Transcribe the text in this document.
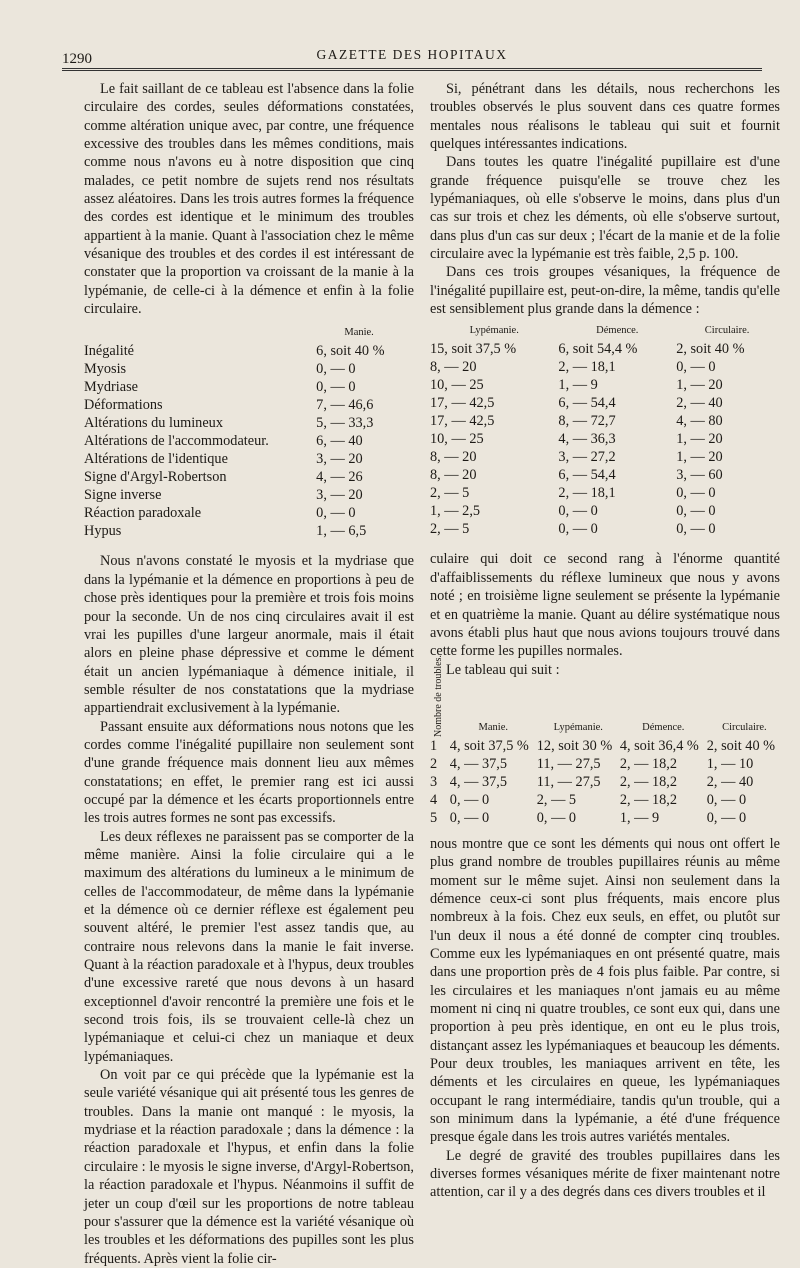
1290	GAZETTE DES HOPITAUX

Le fait saillant de ce tableau est l'absence dans la folie circulaire des cordes, seules déformations constatées, comme altération unique avec, par contre, une fréquence excessive des troubles dans les mêmes conditions, mais comme nous n'avons eu à notre disposition que cinq malades, ce petit nombre de sujets rend nos résultats assez aléatoires. Dans les trois autres formes la fréquence des cordes est identique et le minimum des troubles appartient à la manie. Quant à l'association chez le même vésanique des troubles et des cordes il est intéressant de constater que la proportion va croissant de la manie à la lypémanie, de celle-ci à la démence et enfin à la folie circulaire.

	Manie.
Inégalité	6, soit 40 %
Myosis	0, — 0
Mydriase	0, — 0
Déformations	7, — 46,6
Altérations du lumineux	5, — 33,3
Altérations de l'accommodateur.	6, — 40
Altérations de l'identique	3, — 20
Signe d'Argyl-Robertson	4, — 26
Signe inverse	3, — 20
Réaction paradoxale	0, — 0
Hypus	1, — 6,5

Nous n'avons constaté le myosis et la mydriase que dans la lypémanie et la démence en proportions à peu de chose près identiques pour la première et trois fois moins pour la seconde. Un de nos cinq circulaires avait il est vrai les pupilles d'une largeur anormale, mais il était alors en pleine phase dépressive et comme le dément était un ancien lypémaniaque à démence initiale, il semble résulter de nos constatations que la mydriase appartiendrait exclusivement à la lypémanie.

Passant ensuite aux déformations nous notons que les cordes comme l'inégalité pupillaire non seulement sont d'une grande fréquence mais donnent lieu aux mêmes constatations; en effet, le premier rang est ici aussi occupé par la démence et les écarts proportionnels entre les trois autres formes ne sont pas excessifs.

Les deux réflexes ne paraissent pas se comporter de la même manière. Ainsi la folie circulaire qui a le maximum des altérations du lumineux a le minimum de celles de l'accommodateur, de même dans la lypémanie et la démence où ce dernier réflexe est également peu souvent altéré, le premier l'est assez tandis que, au contraire nous relevons dans la manie le fait inverse. Quant à la réaction paradoxale et à l'hypus, deux troubles d'une excessive rareté que nous devons à un hasard exceptionnel d'avoir rencontré la première une fois et le second trois fois, ils se trouvaient celle-là chez un lypémaniaque et celui-ci chez un maniaque et deux lypémaniaques.

On voit par ce qui précède que la lypémanie est la seule variété vésanique qui ait présenté tous les genres de troubles. Dans la manie ont manqué : le myosis, la mydriase et la réaction paradoxale ; dans la démence : la réaction paradoxale et l'hypus, et enfin dans la folie circulaire : le myosis le signe inverse, d'Argyl-Robertson, la réaction paradoxale et l'hypus. Néanmoins il suffit de jeter un coup d'œil sur les proportions de notre tableau pour s'assurer que la démence est la variété vésanique où les troubles et les déformations des pupilles sont les plus fréquents. Après vient la folie cir-

Si, pénétrant dans les détails, nous recherchons les troubles observés le plus souvent dans ces quatre formes mentales nous réalisons le tableau qui suit et fournit quelques intéressantes indications.

Dans toutes les quatre l'inégalité pupillaire est d'une grande fréquence puisqu'elle se trouve chez les lypémaniaques, où elle s'observe le moins, dans plus d'un cas sur trois et chez les déments, où elle s'observe surtout, dans plus d'un cas sur deux ; l'écart de la manie et de la folie circulaire avec la lypémanie est très faible, 2,5 p. 100.

Dans ces trois groupes vésaniques, la fréquence de l'inégalité pupillaire est, peut-on-dire, la même, tandis qu'elle est sensiblement plus grande dans la démence :

Lypémanie.	Démence.	Circulaire.
15, soit 37,5 %	6, soit 54,4 %	2, soit 40 %
8, — 20	2, — 18,1	0, — 0
10, — 25	1, — 9	1, — 20
17, — 42,5	6, — 54,4	2, — 40
17, — 42,5	8, — 72,7	4, — 80
10, — 25	4, — 36,3	1, — 20
8, — 20	3, — 27,2	1, — 20
8, — 20	6, — 54,4	3, — 60
2, — 5	2, — 18,1	0, — 0
1, — 2,5	0, — 0	0, — 0
2, — 5	0, — 0	0, — 0

culaire qui doit ce second rang à l'énorme quantité d'affaiblissements du réflexe lumineux que nous y avons noté ; en troisième ligne seulement se présente la lypémanie et en quatrième la manie. Quant au délire systématique nous avons établi plus haut que nous avions toujours trouvé dans cette forme les pupilles normales.

Le tableau qui suit :

Nombre de troubles.	Manie.	Lypémanie.	Démence.	Circulaire.
1	4, soit 37,5 %	12, soit 30 %	4, soit 36,4 %	2, soit 40 %
2	4, — 37,5	11, — 27,5	2, — 18,2	1, — 10
3	4, — 37,5	11, — 27,5	2, — 18,2	2, — 40
4	0, — 0	2, — 5	2, — 18,2	0, — 0
5	0, — 0	0, — 0	1, — 9	0, — 0

nous montre que ce sont les déments qui nous ont offert le plus grand nombre de troubles pupillaires réunis au même moment sur le même sujet. Ainsi non seulement dans la démence ceux-ci sont plus fréquents, mais encore plus nombreux à la fois. Chez eux seuls, en effet, ou plutôt sur l'un deux il nous a été donné de compter cinq troubles. Comme eux les lypémaniaques en ont présenté quatre, mais dans une proportion près de 4 fois plus faible. Par contre, si les circulaires et les maniaques n'ont jamais eu au même moment ni cinq ni quatre troubles, ce sont eux qui, dans une proportion à peu près identique, en ont eu le plus trois, distançant assez les lypémaniaques et beaucoup les déments. Pour deux troubles, les maniaques arrivent en tête, les déments et les circulaires en queue, les lypémaniaques occupant le rang intermédiaire, tandis qu'un trouble, qui a son minimum dans la lypémanie, a été d'une fréquence presque égale dans les trois autres variétés mentales.

Le degré de gravité des troubles pupillaires dans les diverses formes vésaniques mérite de fixer maintenant notre attention, car il y a des degrés dans ces divers troubles et il
